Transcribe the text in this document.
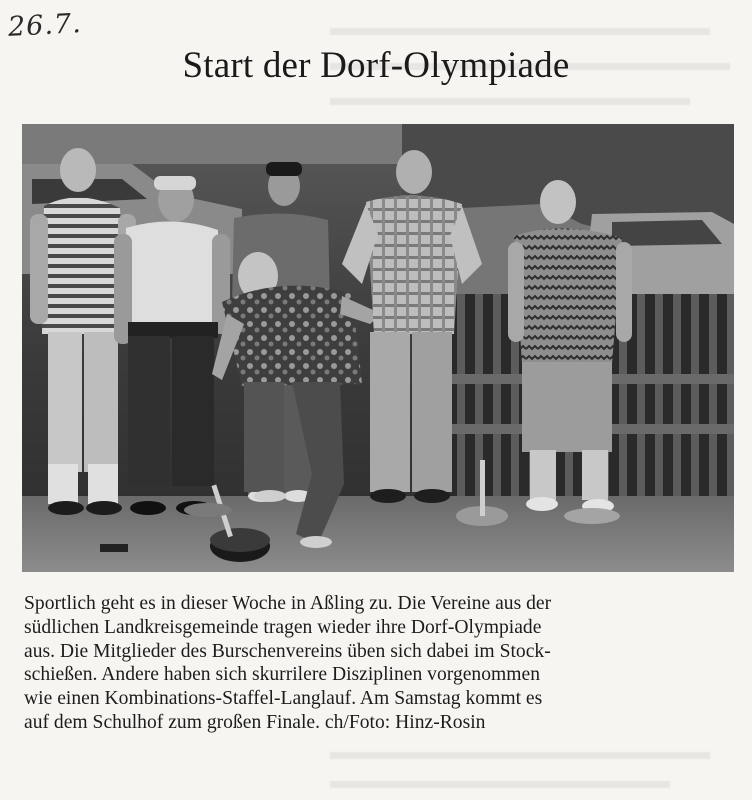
26.7.
Start der Dorf-Olympiade
Sportlich geht es in dieser Woche in Aßling zu. Die Vereine aus der
südlichen Landkreisgemeinde tragen wieder ihre Dorf-Olympiade
aus. Die Mitglieder des Burschenvereins üben sich dabei im Stock-
schießen. Andere haben sich skurrilere Disziplinen vorgenommen
wie einen Kombinations-Staffel-Langlauf. Am Samstag kommt es
auf dem Schulhof zum großen Finale. ch/Foto: Hinz-Rosin
